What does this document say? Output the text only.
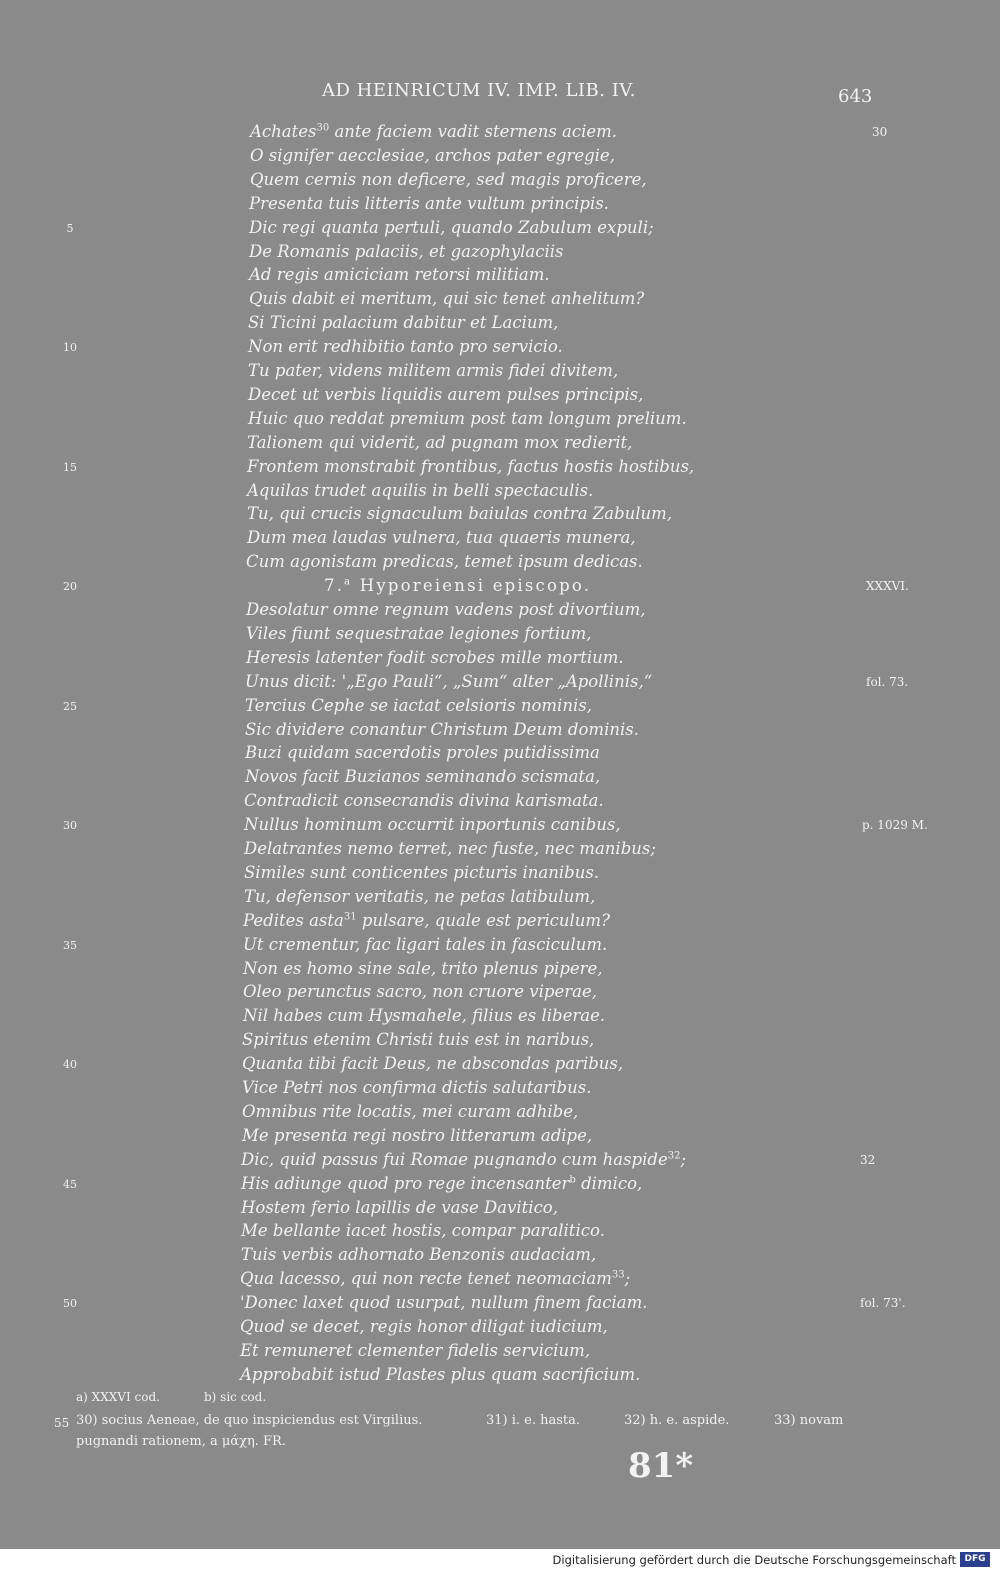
AD HEINRICUM IV. IMP. LIB. IV.	643
Achates$^{30}$ ante faciem vadit sternens aciem.
O signifer aecclesiae, archos pater egregie,
Quem cernis non deficere, sed magis proficere,
Presenta tuis litteris ante vultum principis.
Dic regi quanta pertuli, quando Zabulum expuli;
De Romanis palaciis, et gazophylaciis
Ad regis amiciciam retorsi militiam.
Quis dabit ei meritum, qui sic tenet anhelitum?
Si Ticini palacium dabitur et Lacium,
Non erit redhibitio tanto pro servicio.
Tu pater, videns militem armis fidei divitem,
Decet ut verbis liquidis aurem pulses principis,
Huic quo reddat premium post tam longum prelium.
Talionem qui viderit, ad pugnam mox redierit,
Frontem monstrabit frontibus, factus hostis hostibus,
Aquilas trudet aquilis in belli spectaculis.
Tu, qui crucis signaculum baiulas contra Zabulum,
Dum mea laudas vulnera, tua quaeris munera,
Cum agonistam predicas, temet ipsum dedicas.
7.$^a$ Hyporeiensi episcopo.
Desolatur omne regnum vadens post divortium,
Viles fiunt sequestratae legiones fortium,
Heresis latenter fodit scrobes mille mortium.
Unus dicit: '„Ego Pauli“, „Sum“ alter „Apollinis,“
Tercius Cephe se iactat celsioris nominis,
Sic dividere conantur Christum Deum dominis.
Buzi quidam sacerdotis proles putidissima
Novos facit Buzianos seminando scismata,
Contradicit consecrandis divina karismata.
Nullus hominum occurrit inportunis canibus,
Delatrantes nemo terret, nec fuste, nec manibus;
Similes sunt conticentes picturis inanibus.
Tu, defensor veritatis, ne petas latibulum,
Pedites asta$^{31}$ pulsare, quale est periculum?
Ut crementur, fac ligari tales in fasciculum.
Non es homo sine sale, trito plenus pipere,
Oleo perunctus sacro, non cruore viperae,
Nil habes cum Hysmahele, filius es liberae.
Spiritus etenim Christi tuis est in naribus,
Quanta tibi facit Deus, ne abscondas paribus,
Vice Petri nos confirma dictis salutaribus.
Omnibus rite locatis, mei curam adhibe,
Me presenta regi nostro litterarum adipe,
Dic, quid passus fui Romae pugnando cum haspide$^{32}$;
His adiunge quod pro rege incensanter$^b$ dimico,
Hostem ferio lapillis de vase Davitico,
Me bellante iacet hostis, compar paralitico.
Tuis verbis adhornato Benzonis audaciam,
Qua lacesso, qui non recte tenet neomaciam$^{33}$;
'Donec laxet quod usurpat, nullum finem faciam.
Quod se decet, regis honor diligat iudicium,
Et remuneret clementer fidelis servicium,
Approbabit istud Plastes plus quam sacrificium.
5
10
15
20
25
30
35
40
45
50
30
XXXVI.
fol. 73.
p. 1029 M.
32
fol. 73'.
a) XXXVI cod.	b) sic cod.
55 30) socius Aeneae, de quo inspiciendus est Virgilius.	31) i. e. hasta.	32) h. e. aspide.	33) novam
pugnandi rationem, a μάχη. FR.
81*
Digitalisierung gefördert durch die Deutsche Forschungsgemeinschaft DFG
